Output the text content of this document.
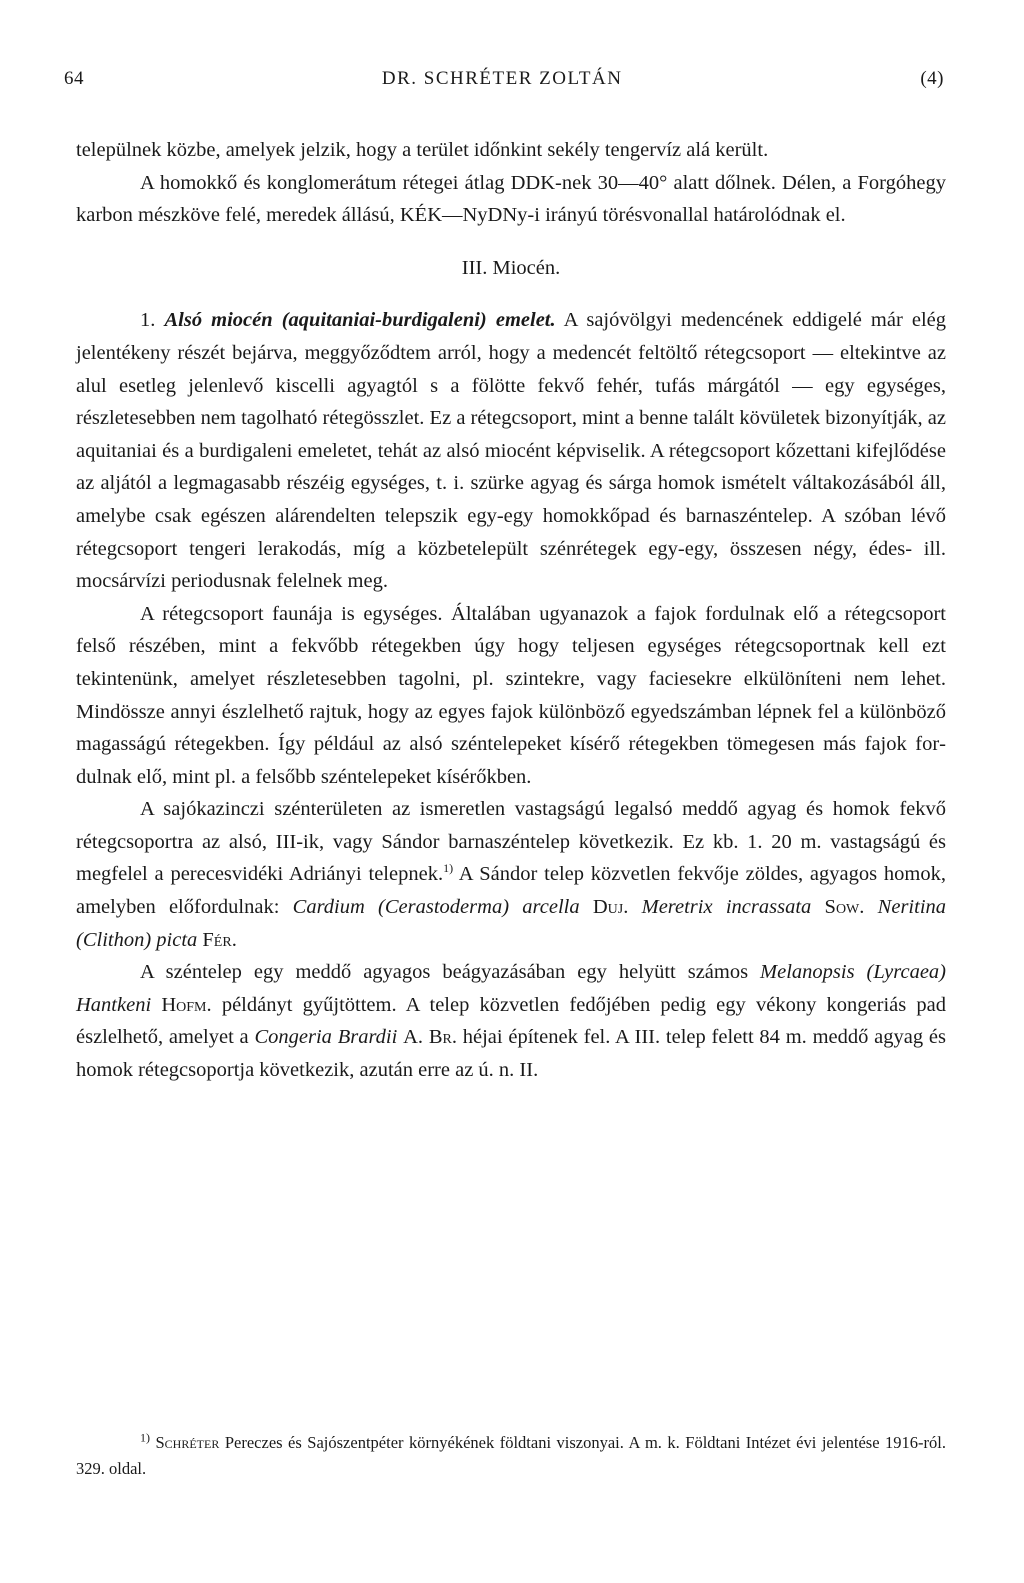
64	DR. SCHRÉTER ZOLTÁN	(4)

települnek közbe, amelyek jelzik, hogy a terület időnkint sekély tengervíz alá került.

A homokkő és konglomerátum rétegei átlag DDK-nek 30—40° alatt dőlnek. Délen, a Forgóhegy karbon mészköve felé, meredek állású, KÉK—NyDNy-i irányú törésvonallal határolódnak el.

III. Miocén.

1. Alsó miocén (aquitaniai-burdigaleni) emelet. A sajóvölgyi medencének eddigelé már elég jelentékeny részét bejárva, meggyőződtem arról, hogy a medencét feltöltő rétegcsoport — eltekintve az alul esetleg jelenlevő kiscelli agyagtól s a fölötte fekvő fehér, tufás márgától — egy egységes, részletesebben nem tagolható rétegösszlet. Ez a rétegcsoport, mint a benne talált kövületek bizonyítják, az aquitaniai és a burdigaleni emeletet, tehát az alsó miocént képviselik. A rétegcsoport kőzettani kifejlődése az aljától a legmagasabb részéig egységes, t. i. szürke agyag és sárga homok ismételt váltakozásából áll, amelybe csak egészen alárendelten telepszik egy-egy homokkőpad és barnaszéntelep. A szóban lévő rétegcsoport tengeri lerakodás, míg a közbetelepült szénrétegek egy-egy, összesen négy, édes- ill. mocsárvízi periodusnak felelnek meg.

A rétegcsoport faunája is egységes. Általában ugyanazok a fajok fordulnak elő a rétegcsoport felső részében, mint a fekvőbb rétegekben úgy hogy teljesen egységes rétegcsoportnak kell ezt tekintenünk, amelyet részletesebben tagolni, pl. szintekre, vagy faciesekre elkülöníteni nem lehet. Mindössze annyi észlelhető rajtuk, hogy az egyes fajok különböző egyedszámban lépnek fel a különböző magasságú rétegekben. Így például az alsó széntelepeket kísérő rétegekben tömegesen más fajok fordulnak elő, mint pl. a felsőbb széntelepeket kísérőkben.

A sajókazinczi szénterületen az ismeretlen vastagságú legalsó meddő agyag és homok fekvő rétegcsoportra az alsó, III-ik, vagy Sándor barnaszéntelep következik. Ez kb. 1. 20 m. vastagságú és megfelel a perecesvidéki Adriányi telepnek.$^{1)}$ A Sándor telep közvetlen fekvője zöldes, agyagos homok, amelyben előfordulnak: Cardium (Cerastoderma) arcella Duj. Meretrix incrassata Sow. Neritina (Clithon) picta Fér.

A széntelep egy meddő agyagos beágyazásában egy helyütt számos Melanopsis (Lyrcaea) Hantkeni Hofm. példányt gyűjtöttem. A telep közvetlen fedőjében pedig egy vékony kongeriás pad észlelhető, amelyet a Congeria Brardii A. Br. héjai építenek fel. A III. telep felett 84 m. meddő agyag és homok rétegcsoportja következik, azután erre az ú. n. II.

$^{1)}$ Schréter Pereczes és Sajószentpéter környékének földtani viszonyai. A m. k. Földtani Intézet évi jelentése 1916-ról. 329. oldal.
